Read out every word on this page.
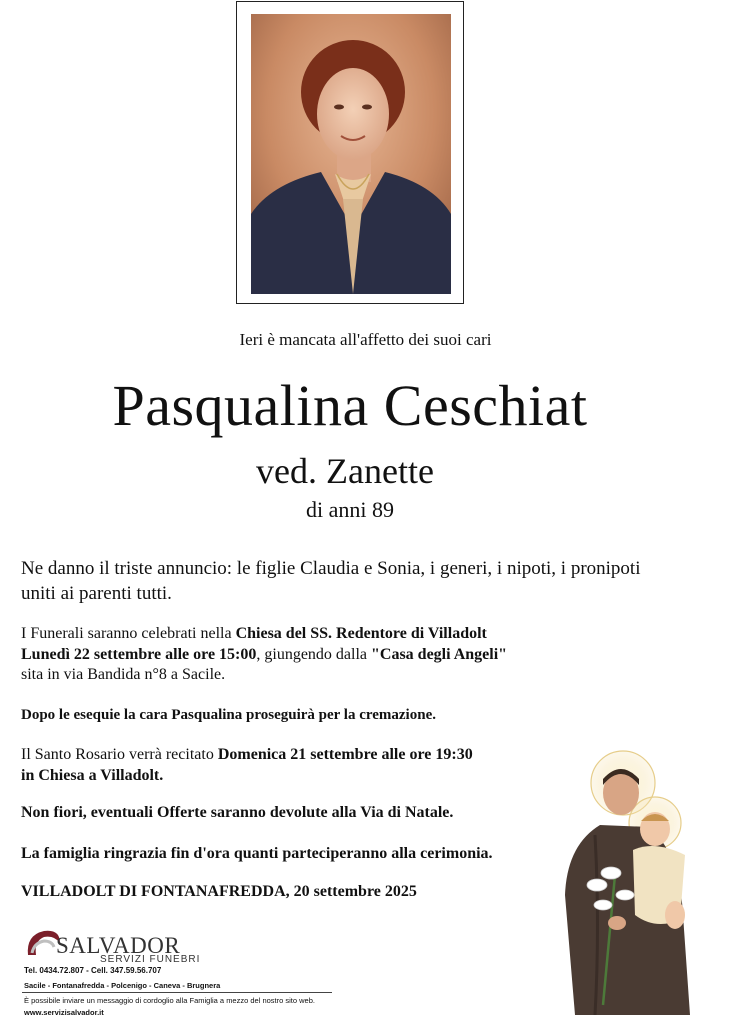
Ieri è mancata all'affetto dei suoi cari
Pasqualina Ceschiat
ved. Zanette
di anni 89
Ne danno il triste annuncio: le figlie Claudia e Sonia, i generi, i nipoti, i pronipoti uniti ai parenti tutti.
I Funerali saranno celebrati nella Chiesa del SS. Redentore di Villadolt
Lunedì 22 settembre alle ore 15:00, giungendo dalla "Casa degli Angeli"
sita in via Bandida n°8 a Sacile.
Dopo le esequie la cara Pasqualina proseguirà per la cremazione.
Il Santo Rosario verrà recitato Domenica 21 settembre alle ore 19:30
in Chiesa a Villadolt.
Non fiori, eventuali Offerte saranno devolute alla Via di Natale.
La famiglia ringrazia fin d'ora quanti parteciperanno alla cerimonia.
VILLADOLT DI FONTANAFREDDA, 20 settembre 2025
SALVADOR
SERVIZI FUNEBRI
Tel. 0434.72.807 - Cell. 347.59.56.707
Sacile - Fontanafredda - Polcenigo - Caneva - Brugnera
È possibile inviare un messaggio di cordoglio alla Famiglia a mezzo del nostro sito web.
www.servizisalvador.it
